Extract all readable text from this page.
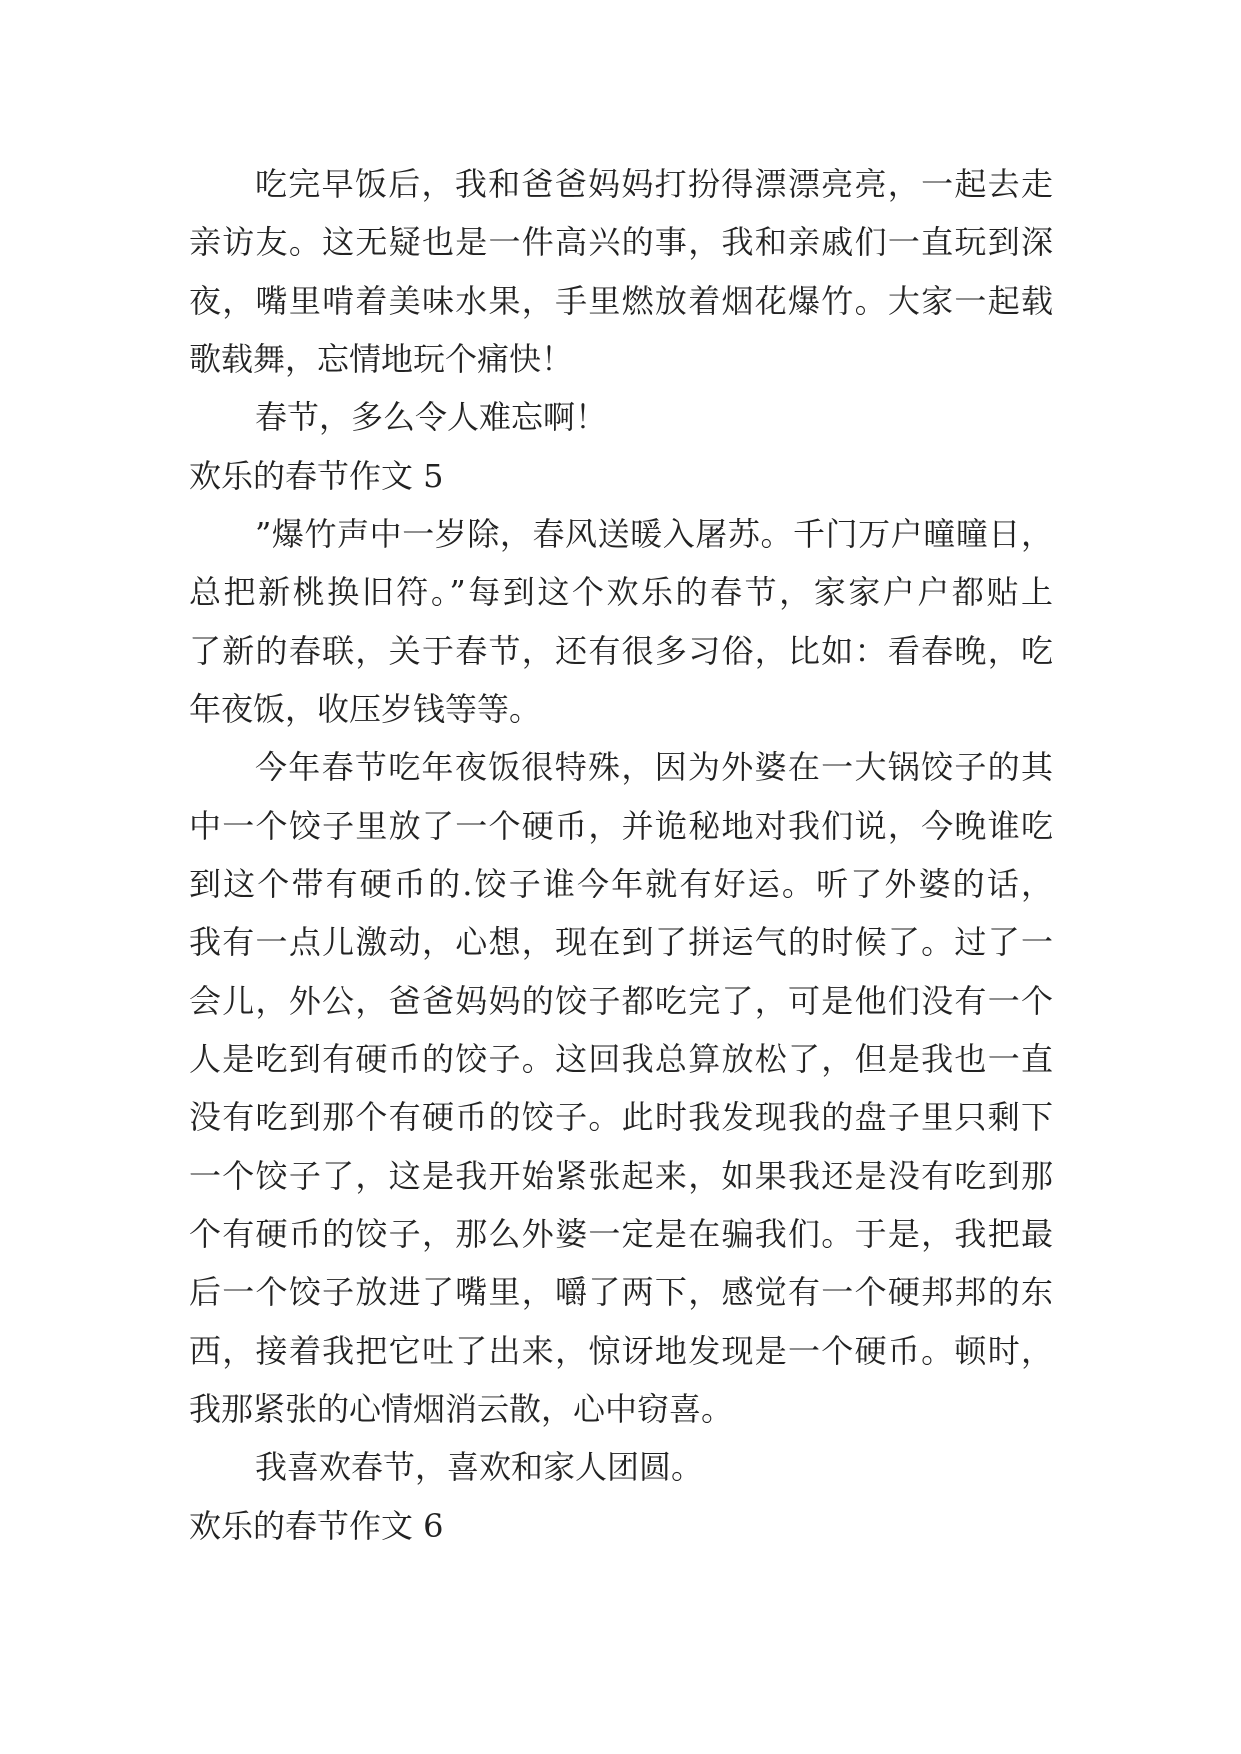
吃完早饭后，我和爸爸妈妈打扮得漂漂亮亮，一起去走
亲访友。这无疑也是一件高兴的事，我和亲戚们一直玩到深
夜，嘴里啃着美味水果，手里燃放着烟花爆竹。大家一起载
歌载舞，忘情地玩个痛快！
春节，多么令人难忘啊！
欢乐的春节作文 5
”爆竹声中一岁除，春风送暖入屠苏。千门万户曈曈日，
总把新桃换旧符。”每到这个欢乐的春节，家家户户都贴上
了新的春联，关于春节，还有很多习俗，比如：看春晚，吃
年夜饭，收压岁钱等等。
今年春节吃年夜饭很特殊，因为外婆在一大锅饺子的其
中一个饺子里放了一个硬币，并诡秘地对我们说，今晚谁吃
到这个带有硬币的.饺子谁今年就有好运。听了外婆的话，
我有一点儿激动，心想，现在到了拼运气的时候了。过了一
会儿，外公，爸爸妈妈的饺子都吃完了，可是他们没有一个
人是吃到有硬币的饺子。这回我总算放松了，但是我也一直
没有吃到那个有硬币的饺子。此时我发现我的盘子里只剩下
一个饺子了，这是我开始紧张起来，如果我还是没有吃到那
个有硬币的饺子，那么外婆一定是在骗我们。于是，我把最
后一个饺子放进了嘴里，嚼了两下，感觉有一个硬邦邦的东
西，接着我把它吐了出来，惊讶地发现是一个硬币。顿时，
我那紧张的心情烟消云散，心中窃喜。
我喜欢春节，喜欢和家人团圆。
欢乐的春节作文 6
